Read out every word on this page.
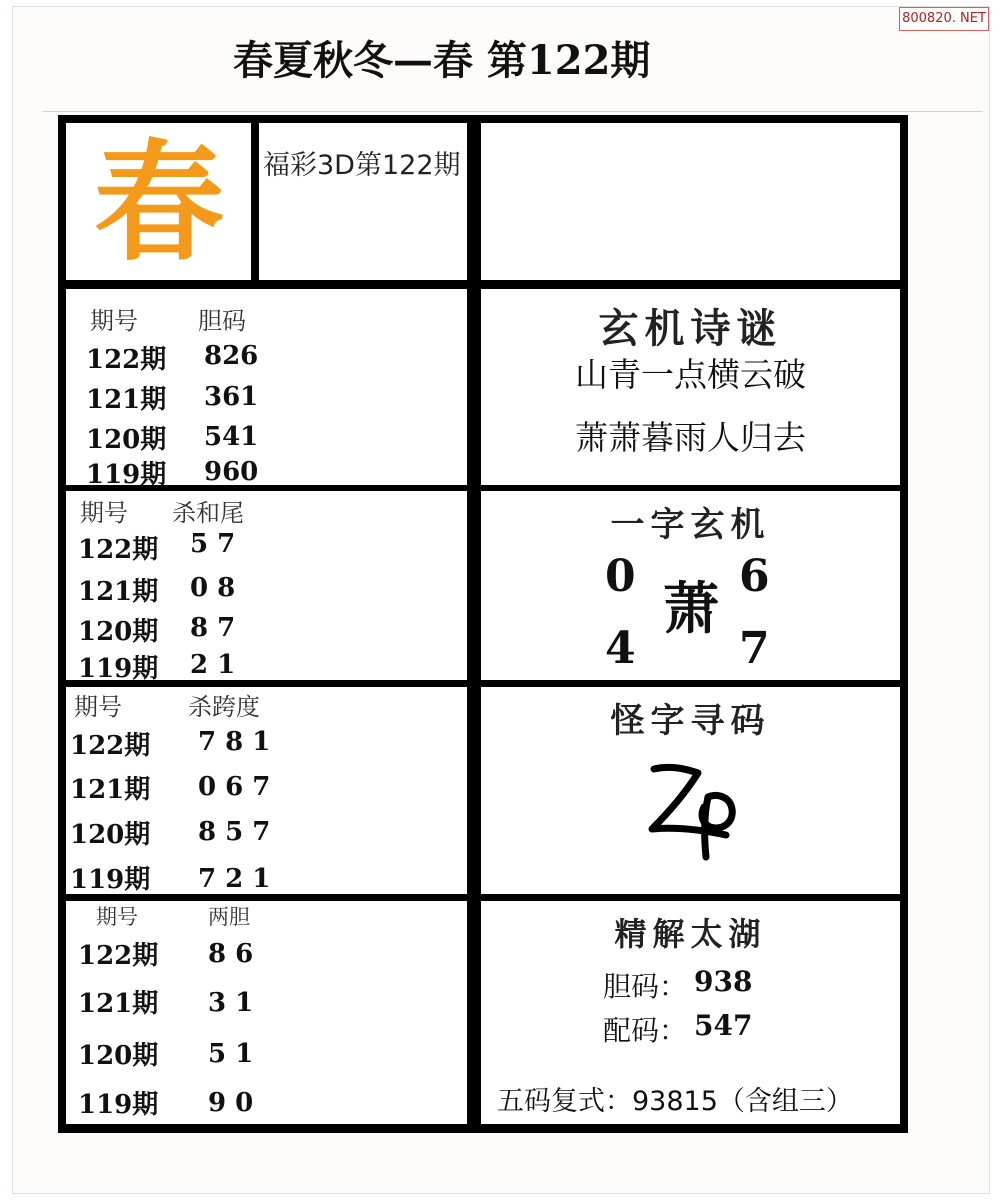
800820. NET
春夏秋冬—春 第122期
春 福彩3D第122期
期号	胆码
122期 826
121期 361
120期 541
119期 960
期号 杀和尾
122期 5 7
121期 0 8
120期 8 7
119期 2 1
期号	杀跨度
122期 7 8 1
121期 0 6 7
120期 8 5 7
119期 7 2 1
期号	两胆
122期 8 6
121期 3 1
120期 5 1
119期 9 0
玄机诗谜
山青一点横云破
萧萧暮雨人归去
一字玄机
0 6
萧
4 7
怪字寻码
精解太湖
胆码： 938
配码： 547
五码复式：93815（含组三）
